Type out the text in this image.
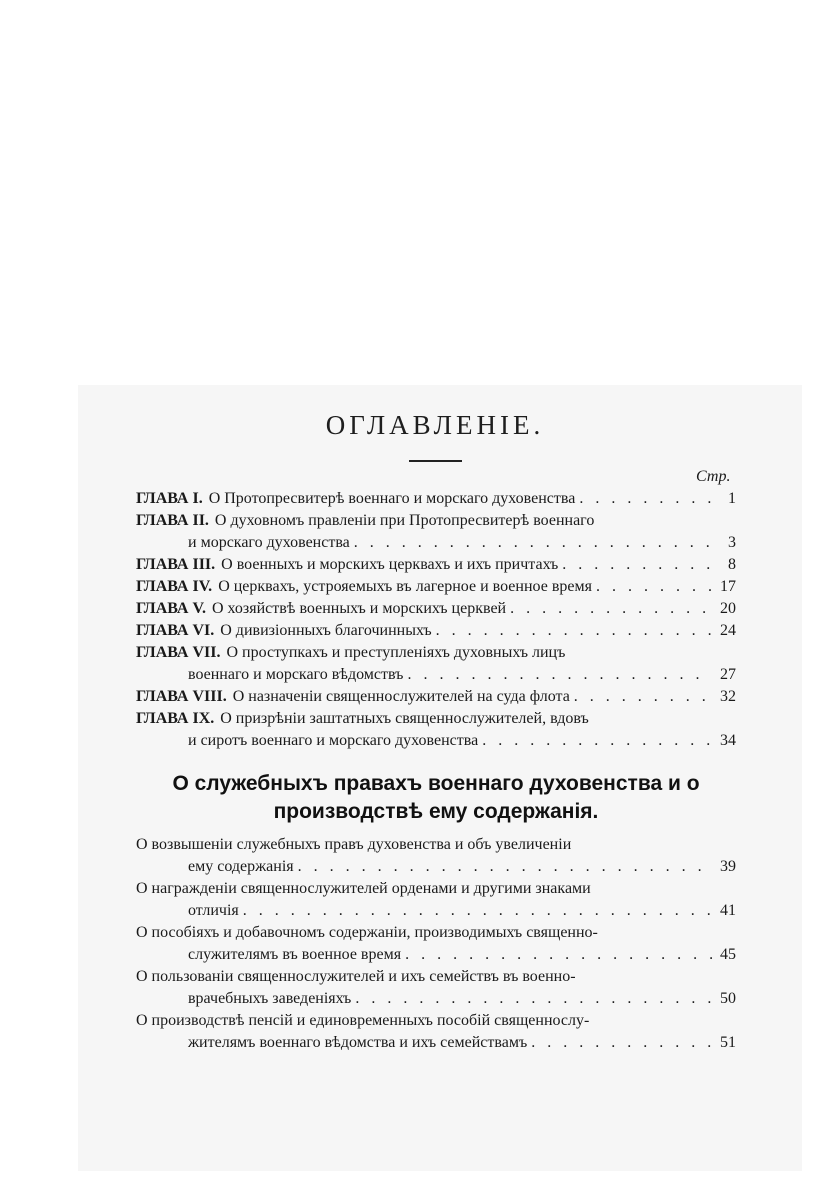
ОГЛАВЛЕНІЕ.
Стр.
ГЛАВА I. О Протопресвитерѣ военнаго и морскаго духовенства . . .	1
ГЛАВА II. О духовномъ правленіи при Протопресвитерѣ военнаго
и морскаго духовенства . . .	3
ГЛАВА III. О военныхъ и морскихъ церквахъ и ихъ причтахъ . . .	8
ГЛАВА IV. О церквахъ, устрояемыхъ въ лагерное и военное время . . .	17
ГЛАВА V. О хозяйствѣ военныхъ и морскихъ церквей . . .	20
ГЛАВА VI. О дивизіонныхъ благочинныхъ . . .	24
ГЛАВА VII. О проступкахъ и преступленіяхъ духовныхъ лицъ
военнаго и морскаго вѣдомствъ . . .	27
ГЛАВА VIII. О назначеніи священнослужителей на суда флота . . .	32
ГЛАВА IX. О призрѣніи заштатныхъ священнослужителей, вдовъ
и сиротъ военнаго и морскаго духовенства . . .	34
О служебныхъ правахъ военнаго духовенства и о производствѣ ему содержанія.
О возвышеніи служебныхъ правъ духовенства и объ увеличеніи
ему содержанія . . .	39
О награжденіи священнослужителей орденами и другими знаками
отличія . . .	41
О пособіяхъ и добавочномъ содержаніи, производимыхъ священно-
служителямъ въ военное время . . .	45
О пользованіи священнослужителей и ихъ семействъ въ военно-
врачебныхъ заведеніяхъ . . .	50
О производствѣ пенсій и единовременныхъ пособій священнослу-
жителямъ военнаго вѣдомства и ихъ семействамъ . . .	51
